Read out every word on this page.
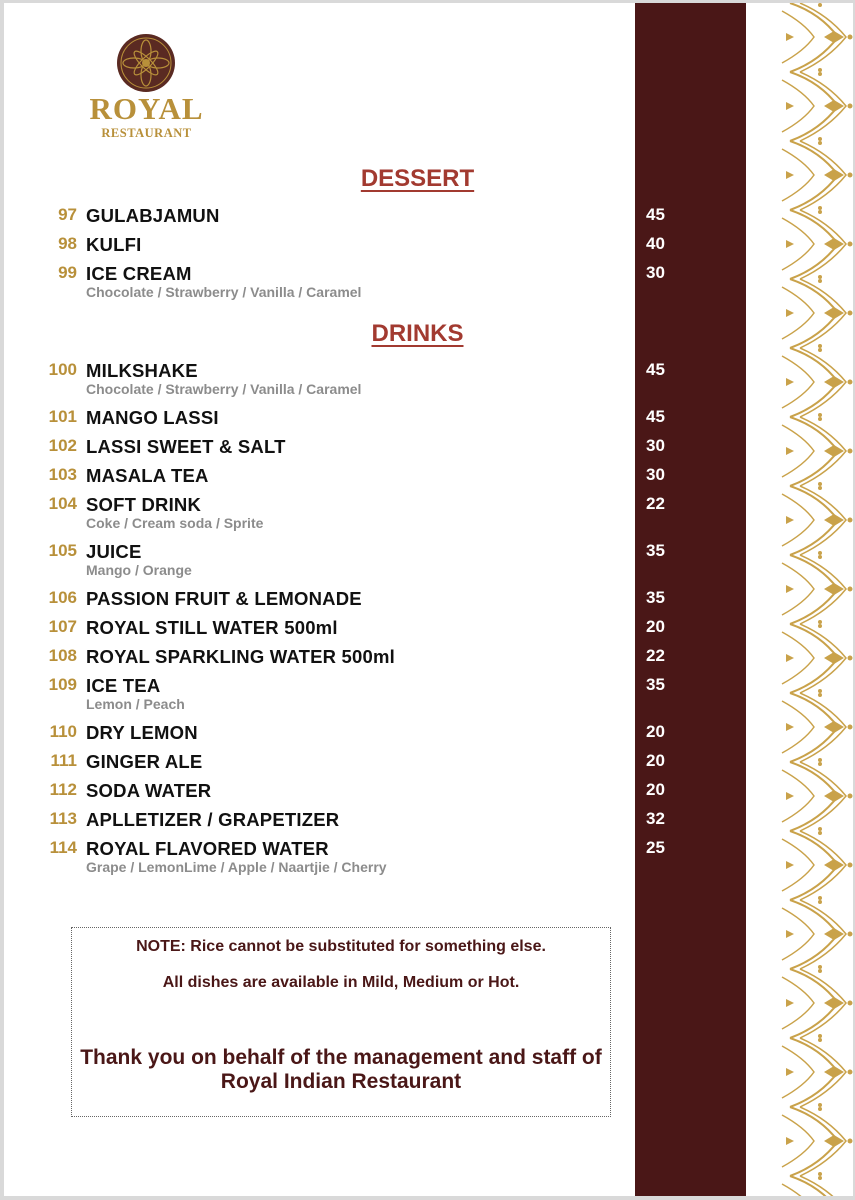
ROYAL
RESTAURANT
DESSERT
97 GULABJAMUN	45
98 KULFI	40
99 ICE CREAM	30
Chocolate / Strawberry / Vanilla / Caramel
DRINKS
100 MILKSHAKE	45
Chocolate / Strawberry / Vanilla / Caramel
101 MANGO LASSI	45
102 LASSI SWEET & SALT	30
103 MASALA TEA	30
104 SOFT DRINK	22
Coke / Cream soda / Sprite
105 JUICE	35
Mango / Orange
106 PASSION FRUIT & LEMONADE	35
107 ROYAL STILL WATER 500ml	20
108 ROYAL SPARKLING WATER 500ml	22
109 ICE TEA	35
Lemon / Peach
110 DRY LEMON	20
111 GINGER ALE	20
112 SODA WATER	20
113 APLLETIZER / GRAPETIZER	32
114 ROYAL FLAVORED WATER	25
Grape / LemonLime / Apple / Naartjie / Cherry
NOTE: Rice cannot be substituted for something else.
All dishes are available in Mild, Medium or Hot.
Thank you on behalf of the management and staff of
Royal Indian Restaurant
